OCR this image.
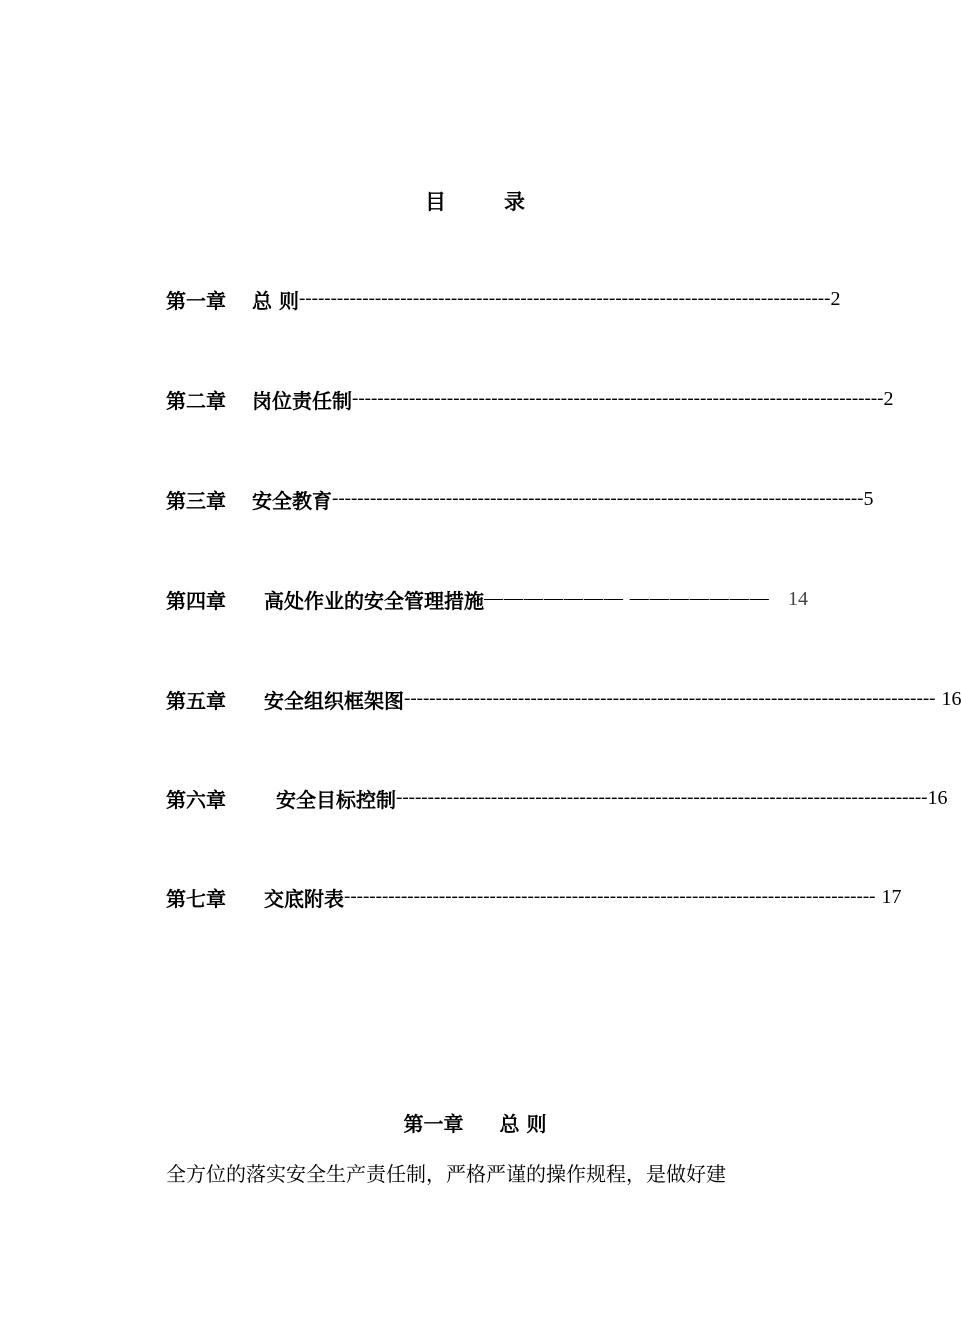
目	录
第一章 总 则 ------------------------------------------------------------------------------------ 2
第二章 岗位责任制 ------------------------------------------------------------------------------------ 2
第三章 安全教育 ------------------------------------------------------------------------------------ 5
第四章 高处作业的安全管理措施 ——————— ——————— 14
第五章 安全组织框架图 ------------------------------------------------------------------------------------ 16
第六章	安全目标控制 ------------------------------------------------------------------------------------ 16
第七章 交底附表 ------------------------------------------------------------------------------------ 17
第一章 总 则
全方位的落实安全生产责任制，严格严谨的操作规程，是做好建
